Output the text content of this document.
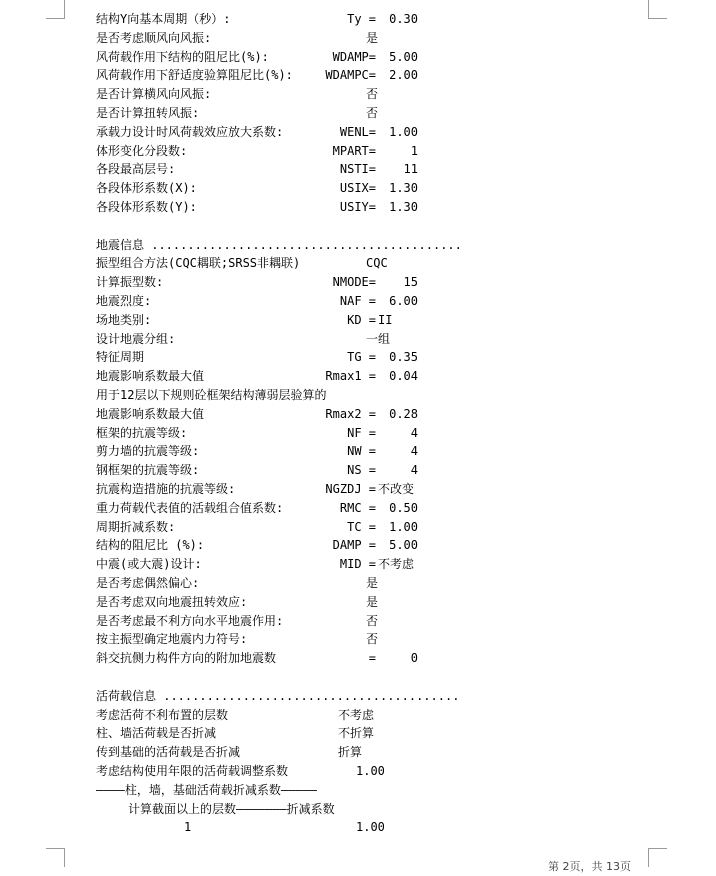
结构Y向基本周期（秒）:	Ty = 0.30
是否考虑顺风向风振:	是
风荷载作用下结构的阻尼比(%):	WDAMP= 5.00
风荷载作用下舒适度验算阻尼比(%):	WDAMPC= 2.00
是否计算横风向风振:	否
是否计算扭转风振:	否
承载力设计时风荷载效应放大系数:	WENL= 1.00
体形变化分段数:	MPART=	1
各段最高层号:	NSTI= 11
各段体形系数(X):	USIX= 1.30
各段体形系数(Y):	USIY= 1.30
地震信息 ...........................................
振型组合方法(CQC耦联;SRSS非耦联)	CQC
计算振型数:	NMODE= 15
地震烈度:	NAF = 6.00
场地类别:	KD = II
设计地震分组:	一组
特征周期	TG = 0.35
地震影响系数最大值	Rmax1 = 0.04
用于12层以下规则砼框架结构薄弱层验算的
地震影响系数最大值	Rmax2 = 0.28
框架的抗震等级:	NF =	4
剪力墙的抗震等级:	NW =	4
钢框架的抗震等级:	NS =	4
抗震构造措施的抗震等级:	NGZDJ = 不改变
重力荷载代表值的活载组合值系数:	RMC = 0.50
周期折减系数:	TC = 1.00
结构的阻尼比 (%):	DAMP = 5.00
中震(或大震)设计:	MID = 不考虑
是否考虑偶然偏心:	是
是否考虑双向地震扭转效应:	是
是否考虑最不利方向水平地震作用:	否
按主振型确定地震内力符号:	否
斜交抗侧力构件方向的附加地震数	=	0
活荷载信息 .........................................
考虑活荷不利布置的层数	不考虑
柱、墙活荷载是否折减	不折算
传到基础的活荷载是否折减	折算
考虑结构使用年限的活荷载调整系数	1.00
————柱，墙，基础活荷载折减系数—————
计算截面以上的层数———————折减系数
1	1.00
第 2页，共 13页
